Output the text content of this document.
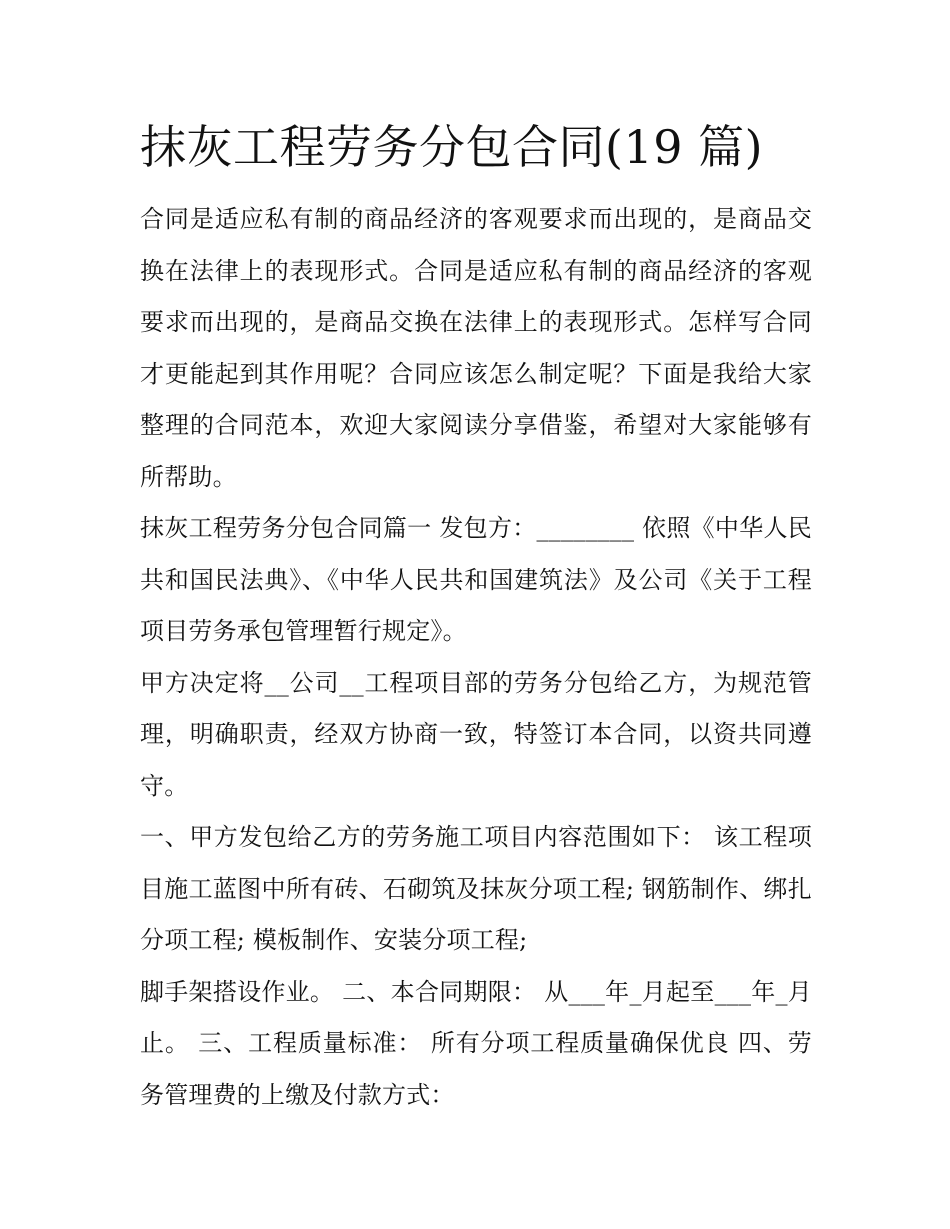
抹灰工程劳务分包合同(19 篇)

合同是适应私有制的商品经济的客观要求而出现的，是商品交换在法律上的表现形式。合同是适应私有制的商品经济的客观要求而出现的，是商品交换在法律上的表现形式。怎样写合同才更能起到其作用呢？合同应该怎么制定呢？下面是我给大家整理的合同范本，欢迎大家阅读分享借鉴，希望对大家能够有所帮助。

抹灰工程劳务分包合同篇一 发包方：________ 依照《中华人民共和国民法典》、《中华人民共和国建筑法》及公司《关于工程项目劳务承包管理暂行规定》。

甲方决定将__公司__工程项目部的劳务分包给乙方，为规范管理，明确职责，经双方协商一致，特签订本合同，以资共同遵守。

一、甲方发包给乙方的劳务施工项目内容范围如下： 该工程项目施工蓝图中所有砖、石砌筑及抹灰分项工程; 钢筋制作、绑扎分项工程; 模板制作、安装分项工程;

脚手架搭设作业。 二、本合同期限： 从___年_月起至___年_月止。 三、工程质量标准： 所有分项工程质量确保优良 四、劳务管理费的上缴及付款方式：
